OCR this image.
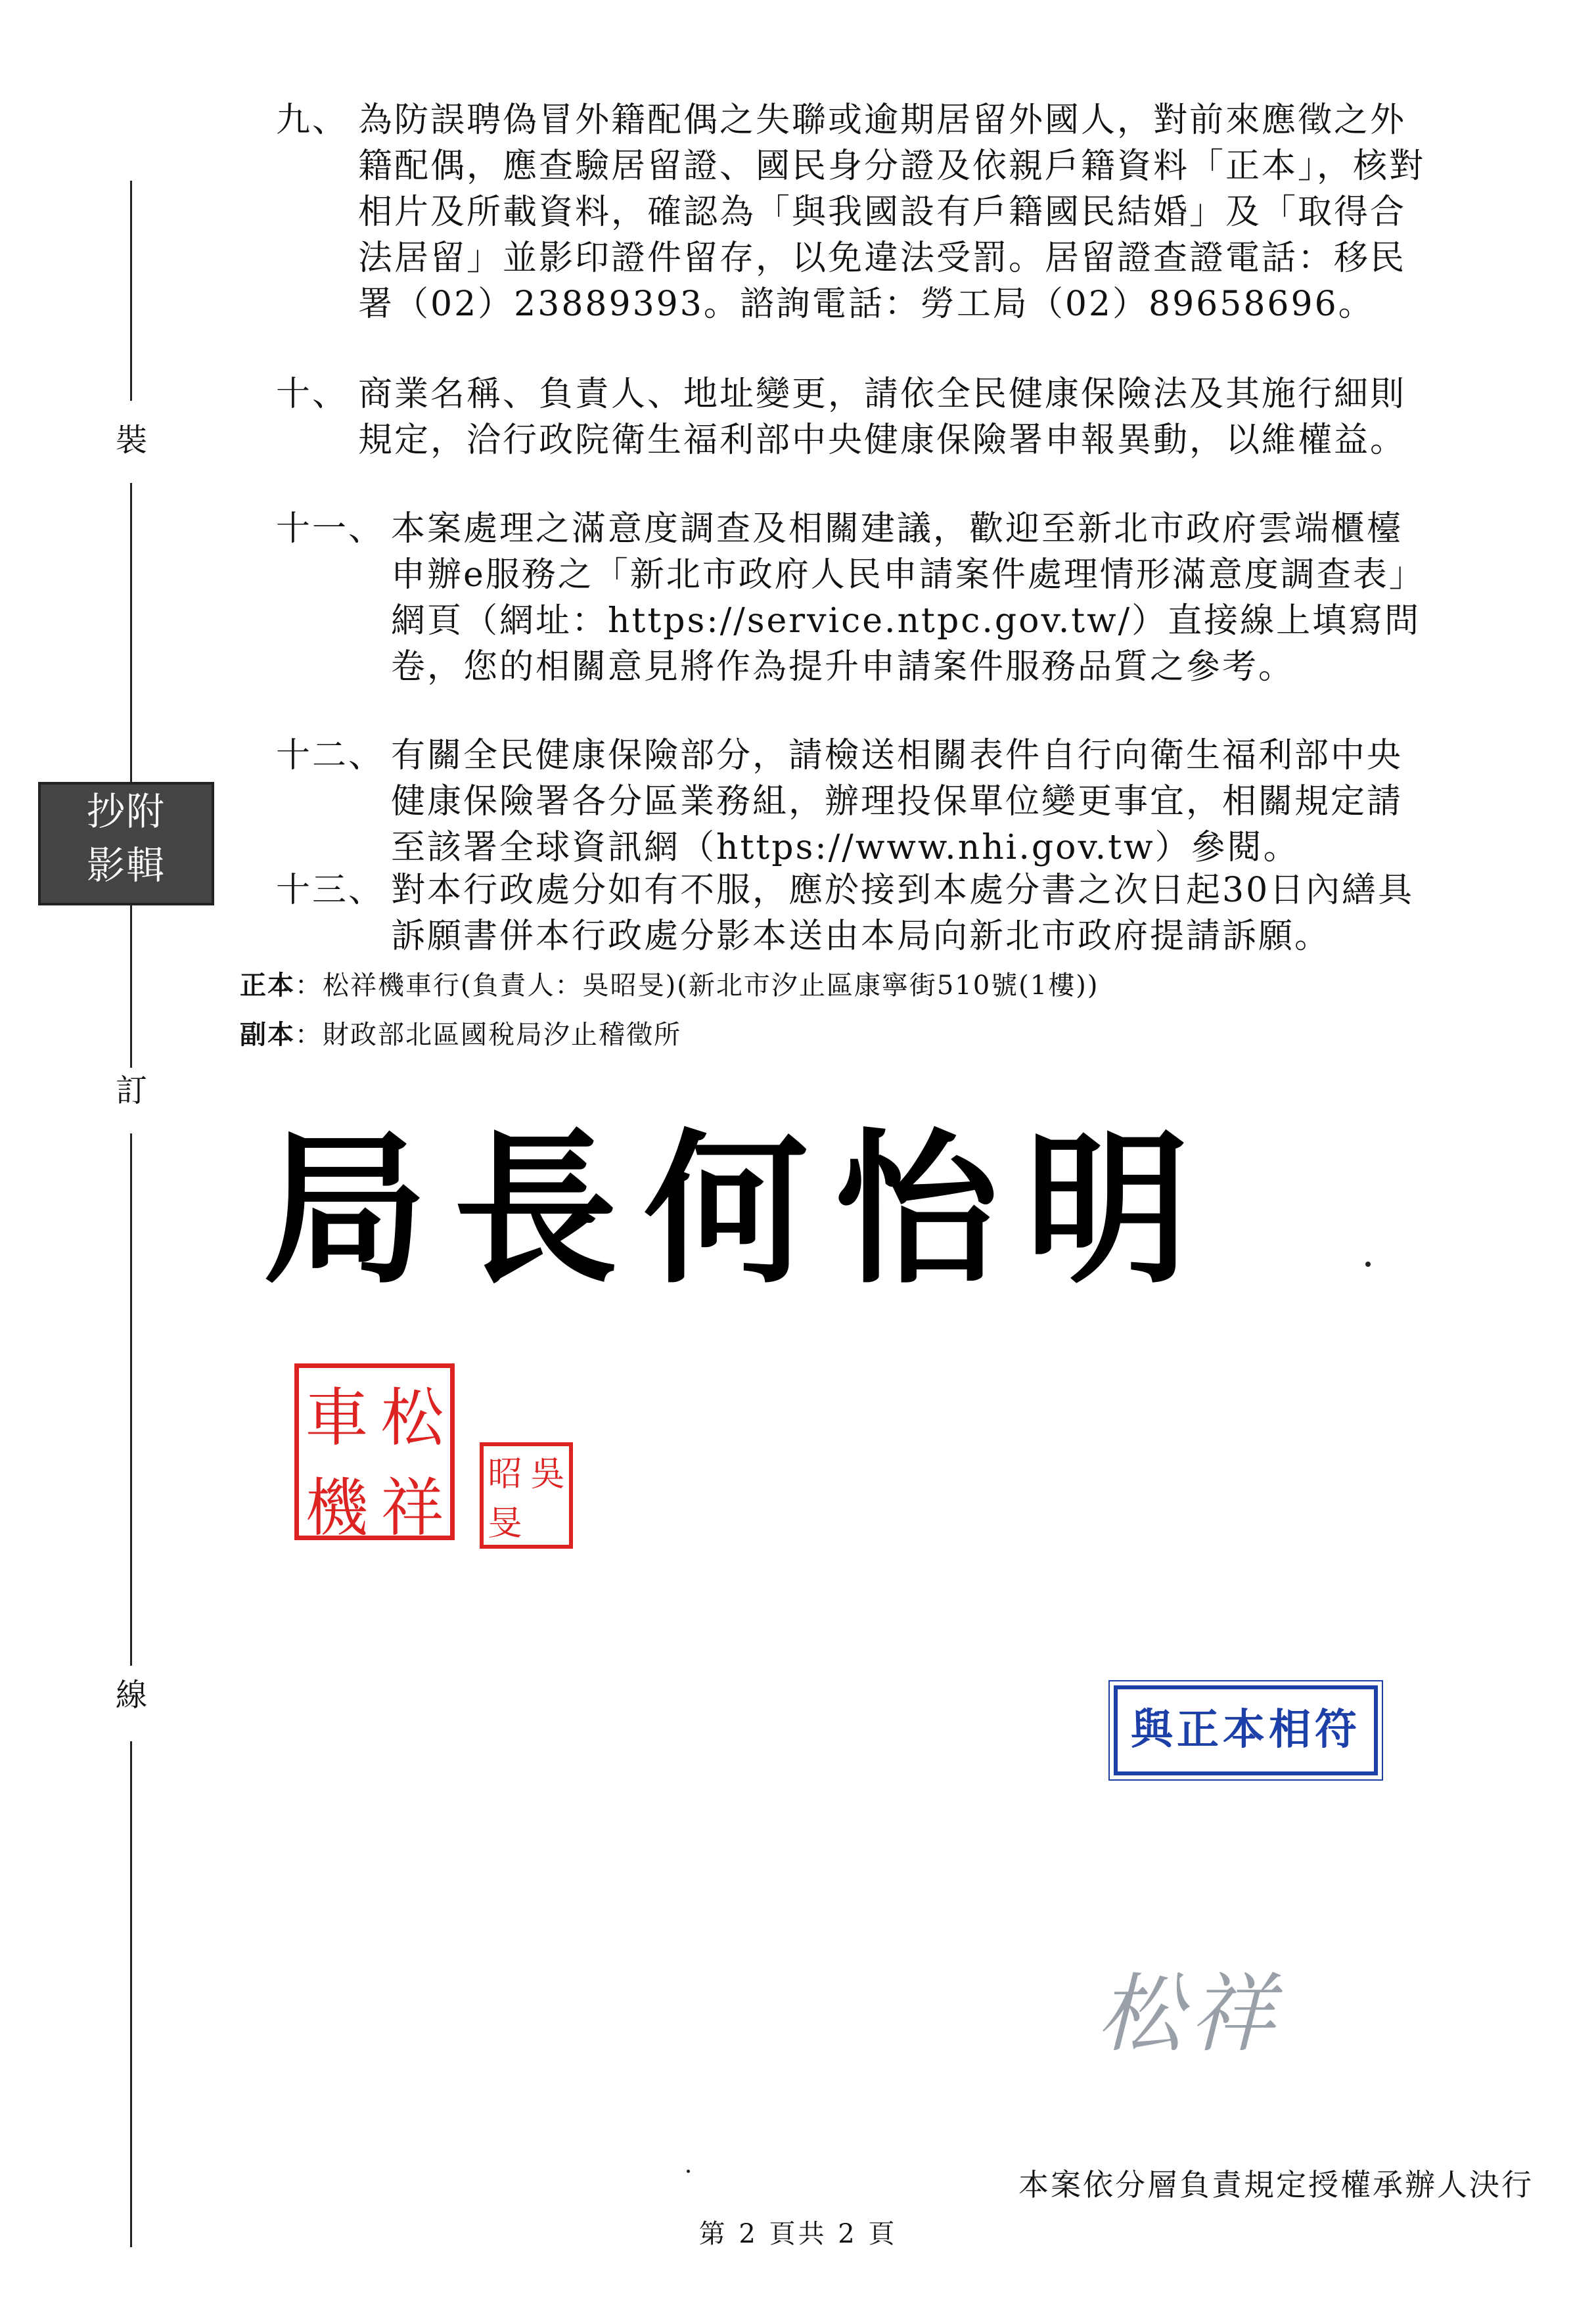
裝
訂
線
九、 為防誤聘偽冒外籍配偶之失聯或逾期居留外國人，對前來應徵之外籍配偶，應查驗居留證、國民身分證及依親戶籍資料「正本」，核對相片及所載資料，確認為「與我國設有戶籍國民結婚」及「取得合法居留」並影印證件留存，以免違法受罰。居留證查證電話：移民署（02）23889393。諮詢電話：勞工局（02）89658696。
十、 商業名稱、負責人、地址變更，請依全民健康保險法及其施行細則規定，洽行政院衛生福利部中央健康保險署申報異動，以維權益。
十一、 本案處理之滿意度調查及相關建議，歡迎至新北市政府雲端櫃檯申辦e服務之「新北市政府人民申請案件處理情形滿意度調查表」網頁（網址：https://service.ntpc.gov.tw/）直接線上填寫問卷，您的相關意見將作為提升申請案件服務品質之參考。
十二、 有關全民健康保險部分，請檢送相關表件自行向衛生福利部中央健康保險署各分區業務組，辦理投保單位變更事宜，相關規定請至該署全球資訊網（https://www.nhi.gov.tw）參閱。
十三、 對本行政處分如有不服，應於接到本處分書之次日起30日內繕具訴願書併本行政處分影本送由本局向新北市政府提請訴願。
正本：松祥機車行(負責人：吳昭旻)(新北市汐止區康寧街510號(1樓))
副本：財政部北區國稅局汐止稽徵所
局長何怡明
抄附
影輯
車 松
機 祥 昭 吳
旻
與正本相符
松祥
本案依分層負責規定授權承辦人決行
第 2 頁共 2 頁
